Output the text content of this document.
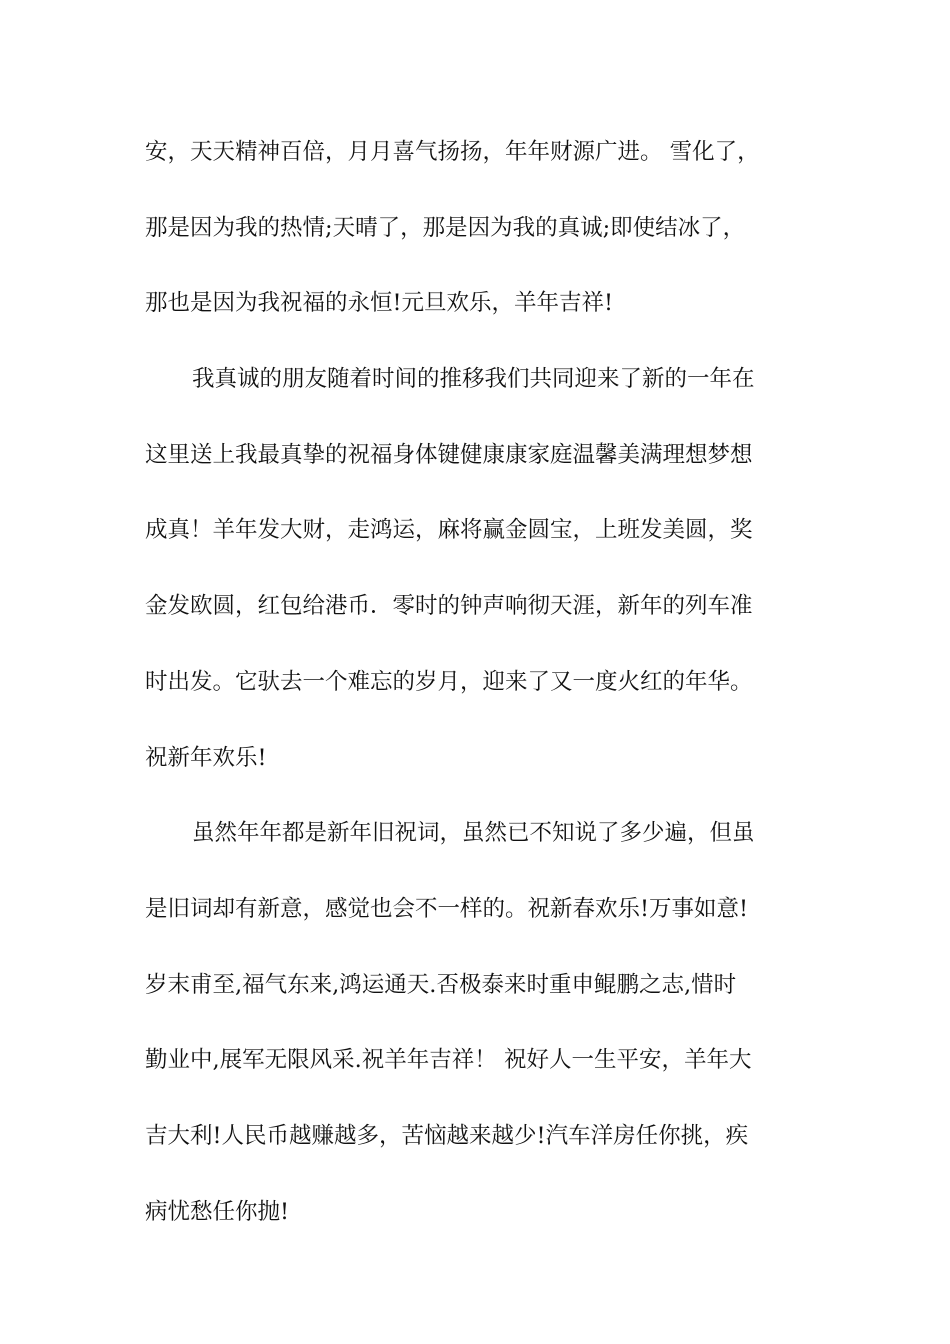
安，天天精神百倍，月月喜气扬扬，年年财源广进。 雪化了，
那是因为我的热情;天晴了，那是因为我的真诚;即使结冰了，
那也是因为我祝福的永恒!元旦欢乐，羊年吉祥!
我真诚的朋友随着时间的推移我们共同迎来了新的一年在
这里送上我最真挚的祝福身体键健康康家庭温馨美满理想梦想
成真！羊年发大财，走鸿运，麻将赢金圆宝，上班发美圆，奖
金发欧圆，红包给港币．零时的钟声响彻天涯，新年的列车准
时出发。它驮去一个难忘的岁月，迎来了又一度火红的年华。
祝新年欢乐!
虽然年年都是新年旧祝词，虽然已不知说了多少遍，但虽
是旧词却有新意，感觉也会不一样的。祝新春欢乐!万事如意!
岁末甫至,福气东来,鸿运通天.否极泰来时重申鲲鹏之志,惜时
勤业中,展军无限风采.祝羊年吉祥！ 祝好人一生平安，羊年大
吉大利!人民币越赚越多，苦恼越来越少!汽车洋房任你挑，疾
病忧愁任你抛!
